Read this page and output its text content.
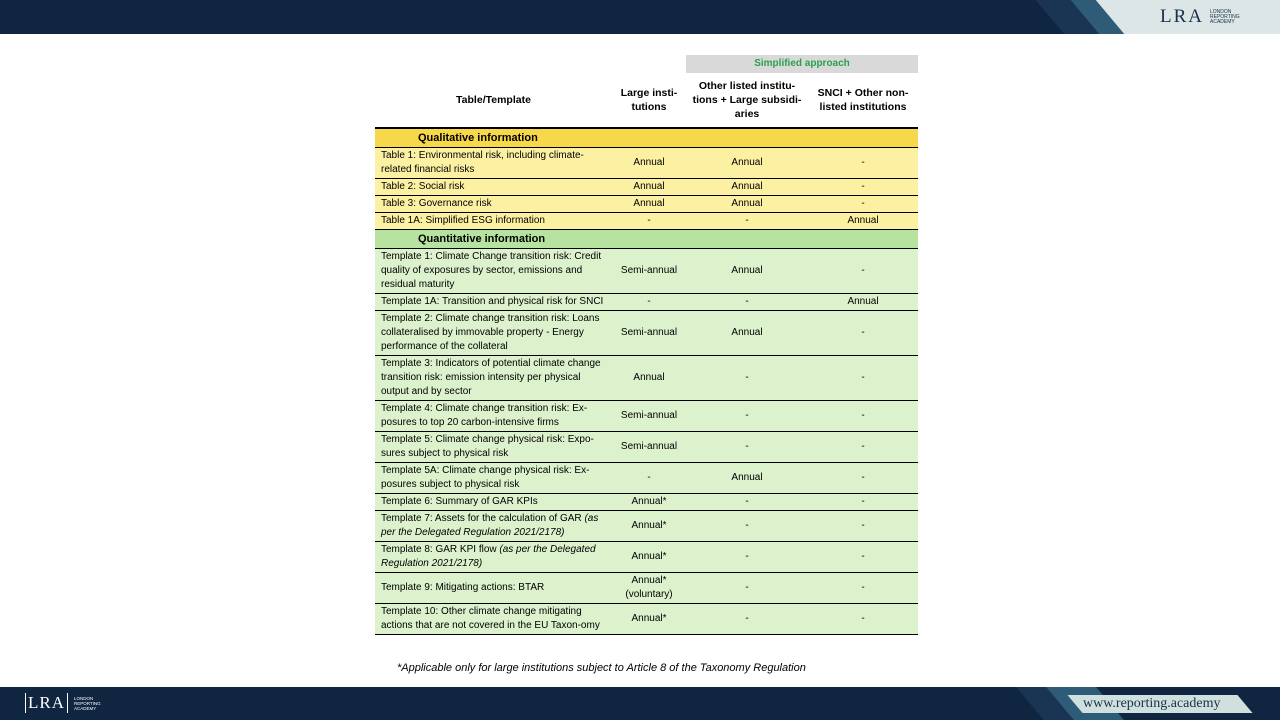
LRA LONDON REPORTING ACADEMY
		Simplified approach	
Table/Template	Large insti-tutions	Other listed institu-tions + Large subsidi-aries	SNCI + Other non-listed institutions
Qualitative information			
Table 1: Environmental risk, including climate-related financial risks	Annual	Annual	-
Table 2: Social risk	Annual	Annual	-
Table 3: Governance risk	Annual	Annual	-
Table 1A: Simplified ESG information	-	-	Annual
Quantitative information			
Template 1: Climate Change transition risk: Credit quality of exposures by sector, emissions and residual maturity	Semi-annual	Annual	-
Template 1A: Transition and physical risk for SNCI	-	-	Annual
Template 2: Climate change transition risk: Loans collateralised by immovable property - Energy performance of the collateral	Semi-annual	Annual	-
Template 3: Indicators of potential climate change transition risk: emission intensity per physical output and by sector	Annual	-	-
Template 4: Climate change transition risk: Ex-posures to top 20 carbon-intensive firms	Semi-annual	-	-
Template 5: Climate change physical risk: Expo-sures subject to physical risk	Semi-annual	-	-
Template 5A: Climate change physical risk: Ex-posures subject to physical risk	-	Annual	-
Template 6: Summary of GAR KPIs	Annual*	-	-
Template 7: Assets for the calculation of GAR (as per the Delegated Regulation 2021/2178)	Annual*	-	-
Template 8: GAR KPI flow (as per the Delegated Regulation 2021/2178)	Annual*	-	-
Template 9: Mitigating actions: BTAR	Annual* (voluntary)	-	-
Template 10: Other climate change mitigating actions that are not covered in the EU Taxon-omy	Annual*	-	-
*Applicable only for large institutions subject to Article 8 of the Taxonomy Regulation
LRA	LONDON REPORTING ACADEMY	www.reporting.academy
